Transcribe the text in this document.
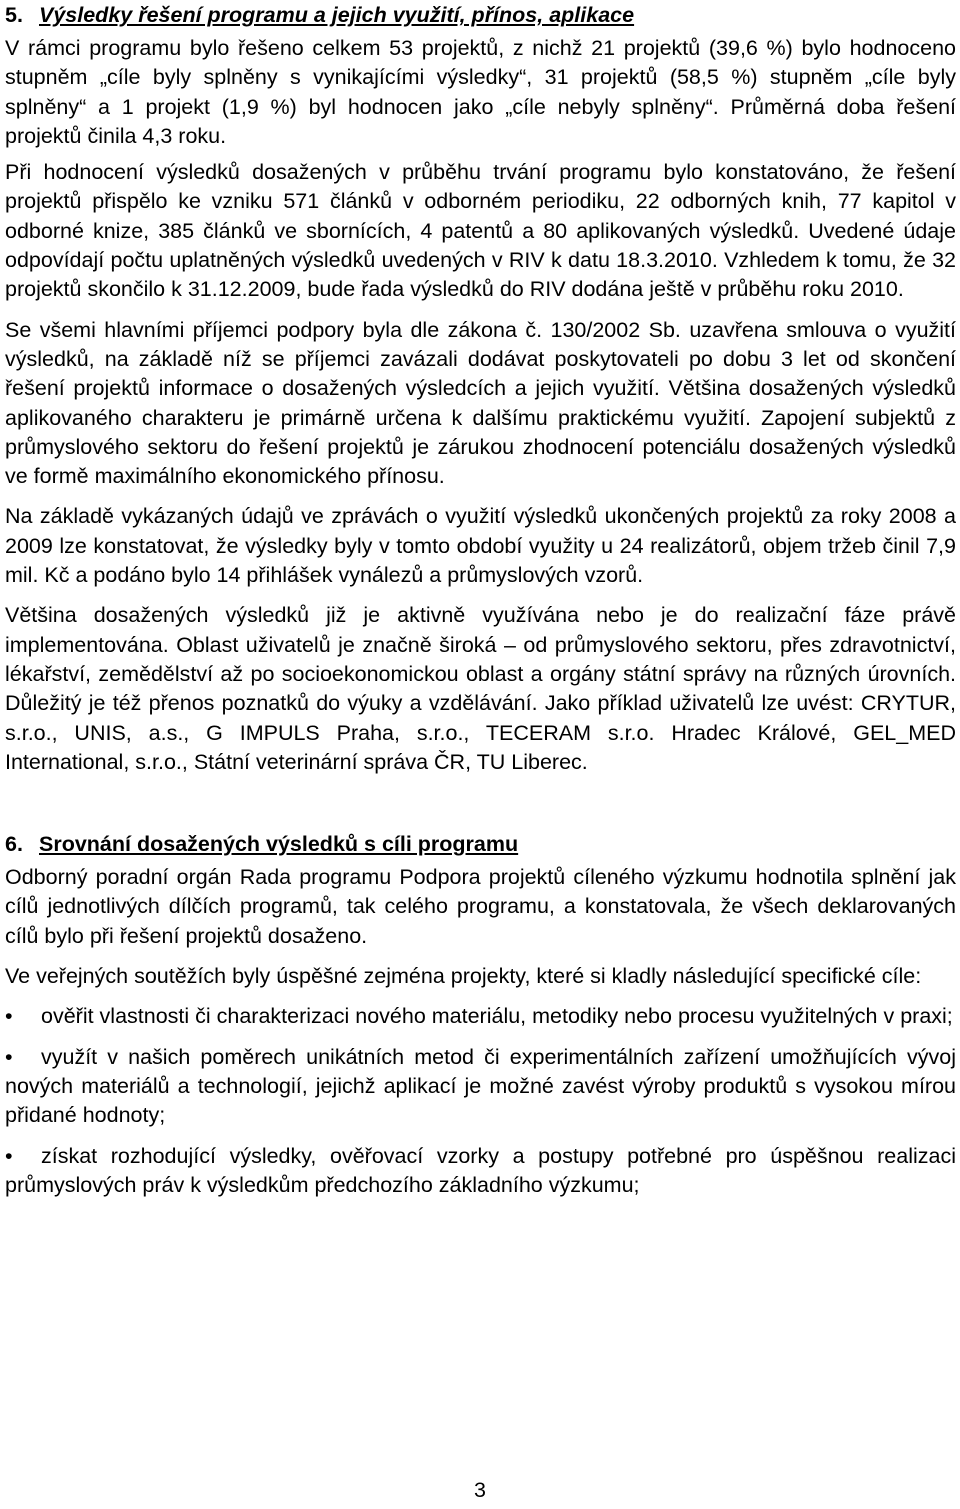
5. Výsledky řešení programu a jejich využití, přínos, aplikace

V rámci programu bylo řešeno celkem 53 projektů, z nichž 21 projektů (39,6 %) bylo hodnoceno stupněm „cíle byly splněny s vynikajícími výsledky“, 31 projektů (58,5 %) stupněm „cíle byly splněny“ a 1 projekt (1,9 %) byl hodnocen jako „cíle nebyly splněny“. Průměrná doba řešení projektů činila 4,3 roku.

Při hodnocení výsledků dosažených v průběhu trvání programu bylo konstatováno, že řešení projektů přispělo ke vzniku 571 článků v odborném periodiku, 22 odborných knih, 77 kapitol v odborné knize, 385 článků ve sbornících, 4 patentů a 80 aplikovaných výsledků. Uvedené údaje odpovídají počtu uplatněných výsledků uvedených v RIV k datu 18.3.2010. Vzhledem k tomu, že 32 projektů skončilo k 31.12.2009, bude řada výsledků do RIV dodána ještě v průběhu roku 2010.

Se všemi hlavními příjemci podpory byla dle zákona č. 130/2002 Sb. uzavřena smlouva o využití výsledků, na základě níž se příjemci zavázali dodávat poskytovateli po dobu 3 let od skončení řešení projektů informace o dosažených výsledcích a jejich využití. Většina dosažených výsledků aplikovaného charakteru je primárně určena k dalšímu praktickému využití. Zapojení subjektů z průmyslového sektoru do řešení projektů je zárukou zhodnocení potenciálu dosažených výsledků ve formě maximálního ekonomického přínosu.

Na základě vykázaných údajů ve zprávách o využití výsledků ukončených projektů za roky 2008 a 2009 lze konstatovat, že výsledky byly v tomto období využity u 24 realizátorů, objem tržeb činil 7,9 mil. Kč a podáno bylo 14 přihlášek vynálezů a průmyslových vzorů.

Většina dosažených výsledků již je aktivně využívána nebo je do realizační fáze právě implementována. Oblast uživatelů je značně široká – od průmyslového sektoru, přes zdravotnictví, lékařství, zemědělství až po socioekonomickou oblast a orgány státní správy na různých úrovních. Důležitý je též přenos poznatků do výuky a vzdělávání. Jako příklad uživatelů lze uvést: CRYTUR, s.r.o., UNIS, a.s., G IMPULS Praha, s.r.o., TECERAM s.r.o. Hradec Králové, GEL_MED International, s.r.o., Státní veterinární správa ČR, TU Liberec.

6. Srovnání dosažených výsledků s cíli programu

Odborný poradní orgán Rada programu Podpora projektů cíleného výzkumu hodnotila splnění jak cílů jednotlivých dílčích programů, tak celého programu, a konstatovala, že všech deklarovaných cílů bylo při řešení projektů dosaženo.

Ve veřejných soutěžích byly úspěšné zejména projekty, které si kladly následující specifické cíle:

• ověřit vlastnosti či charakterizaci nového materiálu, metodiky nebo procesu využitelných v praxi;
• využít v našich poměrech unikátních metod či experimentálních zařízení umožňujících vývoj nových materiálů a technologií, jejichž aplikací je možné zavést výroby produktů s vysokou mírou přidané hodnoty;
• získat rozhodující výsledky, ověřovací vzorky a postupy potřebné pro úspěšnou realizaci průmyslových práv k výsledkům předchozího základního výzkumu;
3
